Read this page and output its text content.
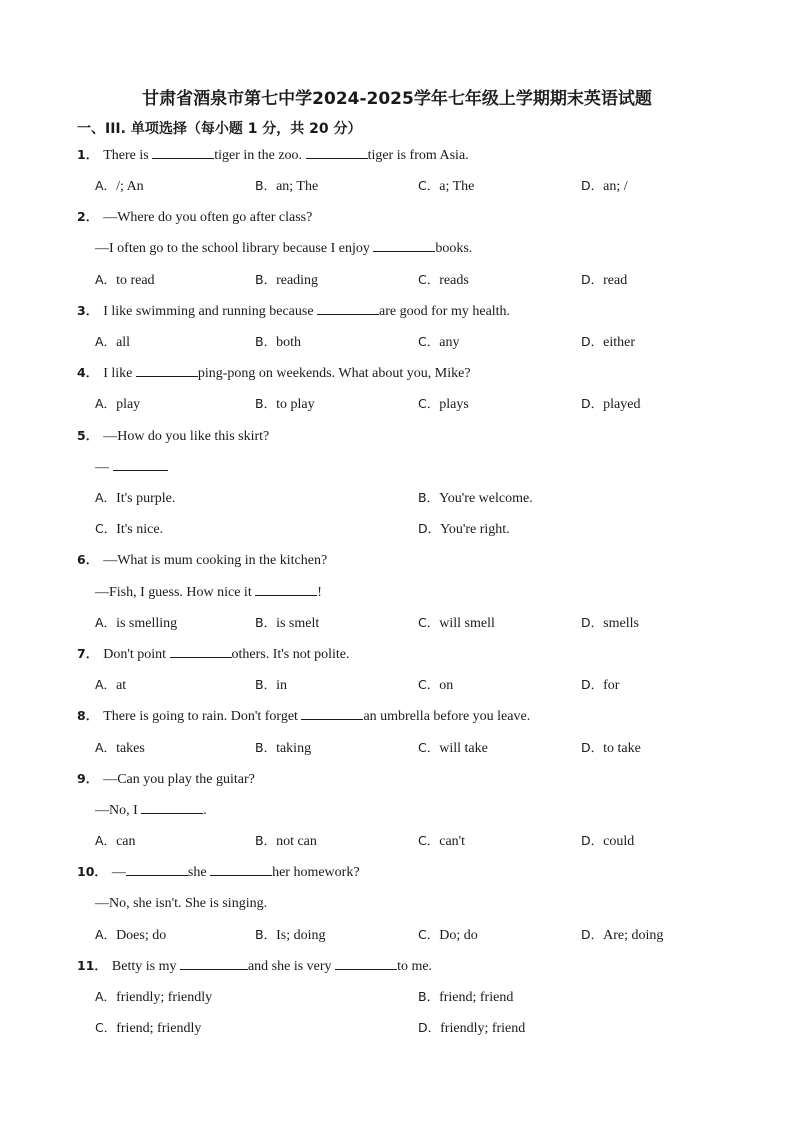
甘肃省酒泉市第七中学2024-2025学年七年级上学期期末英语试题
一、III. 单项选择（每小题 1 分，共 20 分）
1． There is	tiger in the zoo.	tiger is from Asia.
A．/; An	B．an; The	C．a; The	D．an; /
2． —Where do you often go after class?
—I often go to the school library because I enjoy	books.
A．to read	B．reading	C．reads	D．read
3． I like swimming and running because	are good for my health.
A．all	B．both	C．any	D．either
4． I like	ping-pong on weekends. What about you, Mike?
A．play	B．to play	C．plays	D．played
5． —How do you like this skirt?
—
A．It's purple.	B．You're welcome.
C．It's nice.	D．You're right.
6． —What is mum cooking in the kitchen?
—Fish, I guess. How nice it	!
A．is smelling	B．is smelt	C．will smell	D．smells
7． Don't point	others. It's not polite.
A．at	B．in	C．on	D．for
8． There is going to rain. Don't forget	an umbrella before you leave.
A．takes	B．taking	C．will take	D．to take
9． —Can you play the guitar?
—No, I	.
A．can	B．not can	C．can't	D．could
10． —	she	her homework?
—No, she isn't. She is singing.
A．Does; do	B．Is; doing	C．Do; do	D．Are; doing
11． Betty is my	and she is very	to me.
A．friendly; friendly	B．friend; friend
C．friend; friendly	D．friendly; friend
